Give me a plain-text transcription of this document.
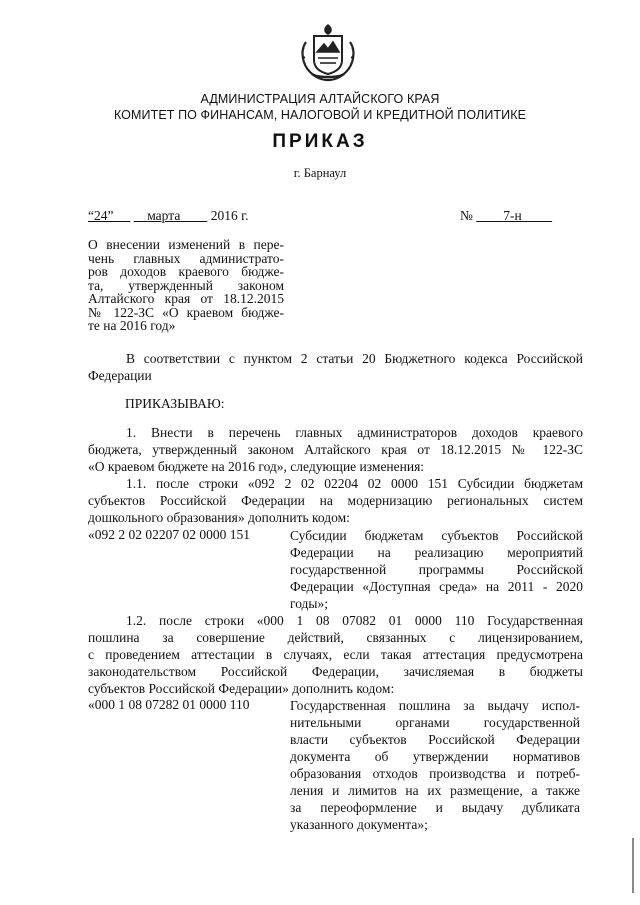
АДМИНИСТРАЦИЯ АЛТАЙСКОГО КРАЯ
КОМИТЕТ ПО ФИНАНСАМ, НАЛОГОВОЙ И КРЕДИТНОЙ ПОЛИТИКЕ
ПРИКАЗ
г. Барнаул
“24”	марта 2016 г.	№ 7-н
О внесении изменений в пере-
чень главных администрато-
ров доходов краевого бюдже-
та, утвержденный законом
Алтайского края от 18.12.2015
№ 122-ЗС «О краевом бюдже-
те на 2016 год»
В соответствии с пунктом 2 статьи 20 Бюджетного кодекса Российской
Федерации
ПРИКАЗЫВАЮ:
1. Внести в перечень главных администраторов доходов краевого
бюджета, утвержденный законом Алтайского края от 18.12.2015 № 122-ЗС
«О краевом бюджете на 2016 год», следующие изменения:
1.1. после строки «092 2 02 02204 02 0000 151 Субсидии бюджетам
субъектов Российской Федерации на модернизацию региональных систем
дошкольного образования» дополнить кодом:
«092 2 02 02207 02 0000 151	Субсидии бюджетам субъектов Российской
Федерации на реализацию мероприятий
государственной программы Российской
Федерации «Доступная среда» на 2011 - 2020
годы»;
1.2. после строки «000 1 08 07082 01 0000 110 Государственная
пошлина за совершение действий, связанных с лицензированием,
с проведением аттестации в случаях, если такая аттестация предусмотрена
законодательством Российской Федерации, зачисляемая в бюджеты
субъектов Российской Федерации» дополнить кодом:
«000 1 08 07282 01 0000 110	Государственная пошлина за выдачу испол-
нительными органами государственной
власти субъектов Российской Федерации
документа об утверждении нормативов
образования отходов производства и потреб-
ления и лимитов на их размещение, а также
за переоформление и выдачу дубликата
указанного документа»;
